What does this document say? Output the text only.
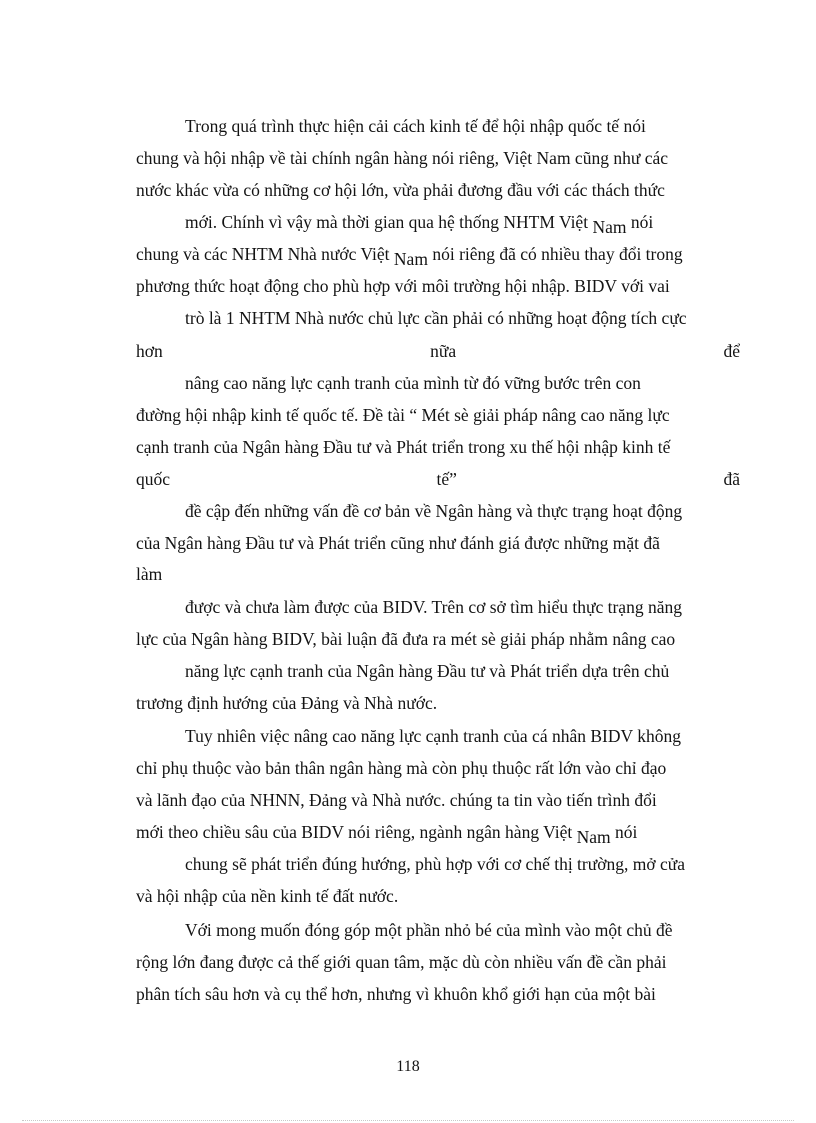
Trong quá trình thực hiện cải cách kinh tế để hội nhập quốc tế nói
chung và hội nhập về tài chính ngân hàng nói riêng, Việt Nam cũng như các
nước khác vừa có những cơ hội lớn, vừa phải đương đầu với các thách thức
mới. Chính vì vậy mà thời gian qua hệ thống NHTM Việt Nam nói
chung và các NHTM Nhà nước Việt Nam nói riêng đã có nhiều thay đổi trong
phương thức hoạt động cho phù hợp với môi trường hội nhập. BIDV với vai
trò là 1 NHTM Nhà nước chủ lực cần phải có những hoạt động tích cực
hơn	nữa	để
nâng cao năng lực cạnh tranh của mình từ đó vững bước trên con
đường hội nhập kinh tế quốc tế. Đề tài “ Mét sè giải pháp nâng cao năng lực
cạnh tranh của Ngân hàng Đầu tư và Phát triển trong xu thế hội nhập kinh tế
quốc	tế”	đã
đề cập đến những vấn đề cơ bản về Ngân hàng và thực trạng hoạt động
của Ngân hàng Đầu tư và Phát triển cũng như đánh giá được những mặt đã
làm
được và chưa làm được của BIDV. Trên cơ sở tìm hiểu thực trạng năng
lực của Ngân hàng BIDV, bài luận đã đưa ra mét sè giải pháp nhằm nâng cao
năng lực cạnh tranh của Ngân hàng Đầu tư và Phát triển dựa trên chủ
trương định hướng của Đảng và Nhà nước.
Tuy nhiên việc nâng cao năng lực cạnh tranh của cá nhân BIDV không
chỉ phụ thuộc vào bản thân ngân hàng mà còn phụ thuộc rất lớn vào chỉ đạo
và lãnh đạo của NHNN, Đảng và Nhà nước. chúng ta tin vào tiến trình đổi
mới theo chiều sâu của BIDV nói riêng, ngành ngân hàng Việt Nam nói
chung sẽ phát triển đúng hướng, phù hợp với cơ chế thị trường, mở cửa
và hội nhập của nền kinh tế đất nước.
Với mong muốn đóng góp một phần nhỏ bé của mình vào một chủ đề
rộng lớn đang được cả thế giới quan tâm, mặc dù còn nhiều vấn đề cần phải
phân tích sâu hơn và cụ thể hơn, nhưng vì khuôn khổ giới hạn của một bài
118
